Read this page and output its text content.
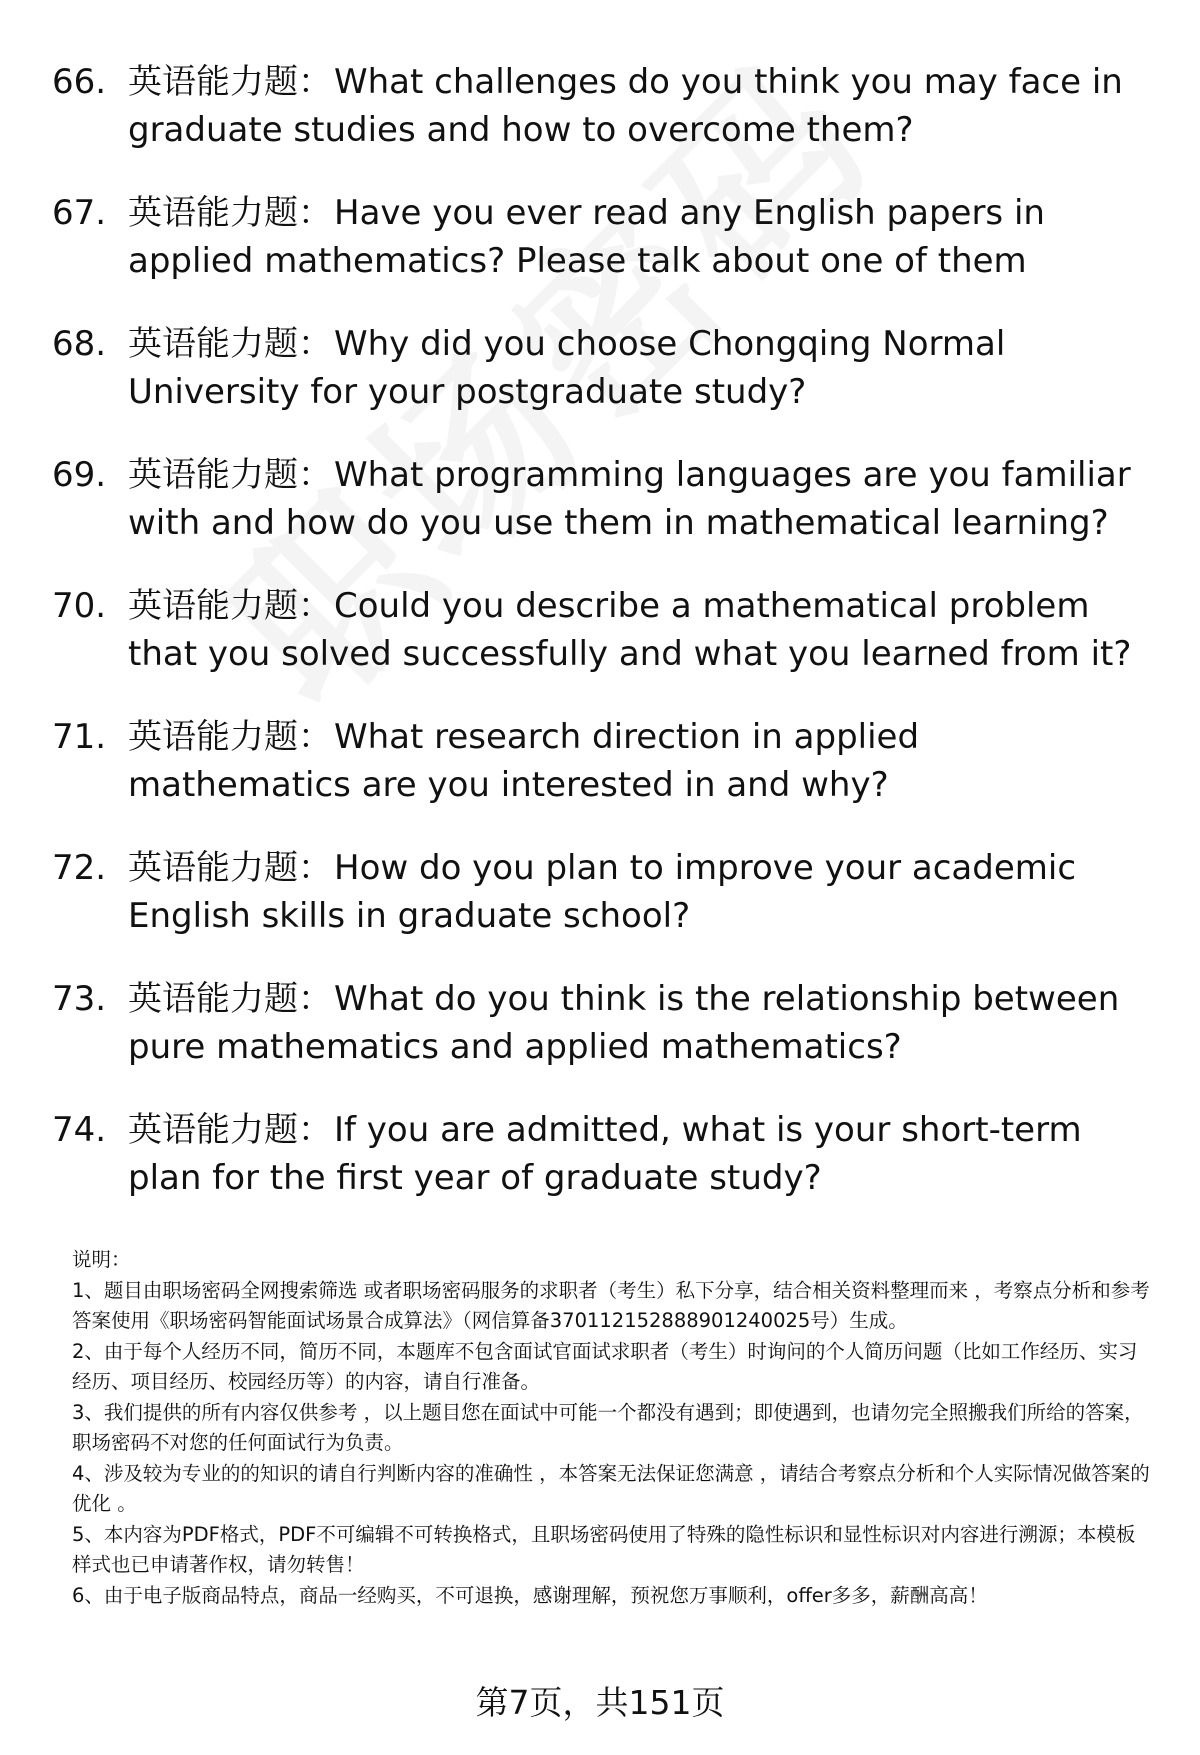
66. 英语能力题：What challenges do you think you may face in graduate studies and how to overcome them?
67. 英语能力题：Have you ever read any English papers in applied mathematics? Please talk about one of them
68. 英语能力题：Why did you choose Chongqing Normal University for your postgraduate study?
69. 英语能力题：What programming languages are you familiar with and how do you use them in mathematical learning?
70. 英语能力题：Could you describe a mathematical problem that you solved successfully and what you learned from it?
71. 英语能力题：What research direction in applied mathematics are you interested in and why?
72. 英语能力题：How do you plan to improve your academic English skills in graduate school?
73. 英语能力题：What do you think is the relationship between pure mathematics and applied mathematics?
74. 英语能力题：If you are admitted, what is your short-term plan for the first year of graduate study?

说明：

1、题目由职场密码全网搜索筛选 或者职场密码服务的求职者（考生）私下分享，结合相关资料整理而来 ，考察点分析和参考答案使用《职场密码智能面试场景合成算法》（网信算备370112152888901240025号）生成。

2、由于每个人经历不同，简历不同，本题库不包含面试官面试求职者（考生）时询问的个人简历问题（比如工作经历、实习经历、项目经历、校园经历等）的内容，请自行准备。

3、我们提供的所有内容仅供参考 ，以上题目您在面试中可能一个都没有遇到；即使遇到，也请勿完全照搬我们所给的答案，职场密码不对您的任何面试行为负责。

4、涉及较为专业的的知识的请自行判断内容的准确性 ，本答案无法保证您满意 ，请结合考察点分析和个人实际情况做答案的优化 。

5、本内容为PDF格式，PDF不可编辑不可转换格式，且职场密码使用了特殊的隐性标识和显性标识对内容进行溯源；本模板样式也已申请著作权，请勿转售！

6、由于电子版商品特点，商品一经购买，不可退换，感谢理解，预祝您万事顺利，offer多多，薪酬高高！

第7页，共151页
